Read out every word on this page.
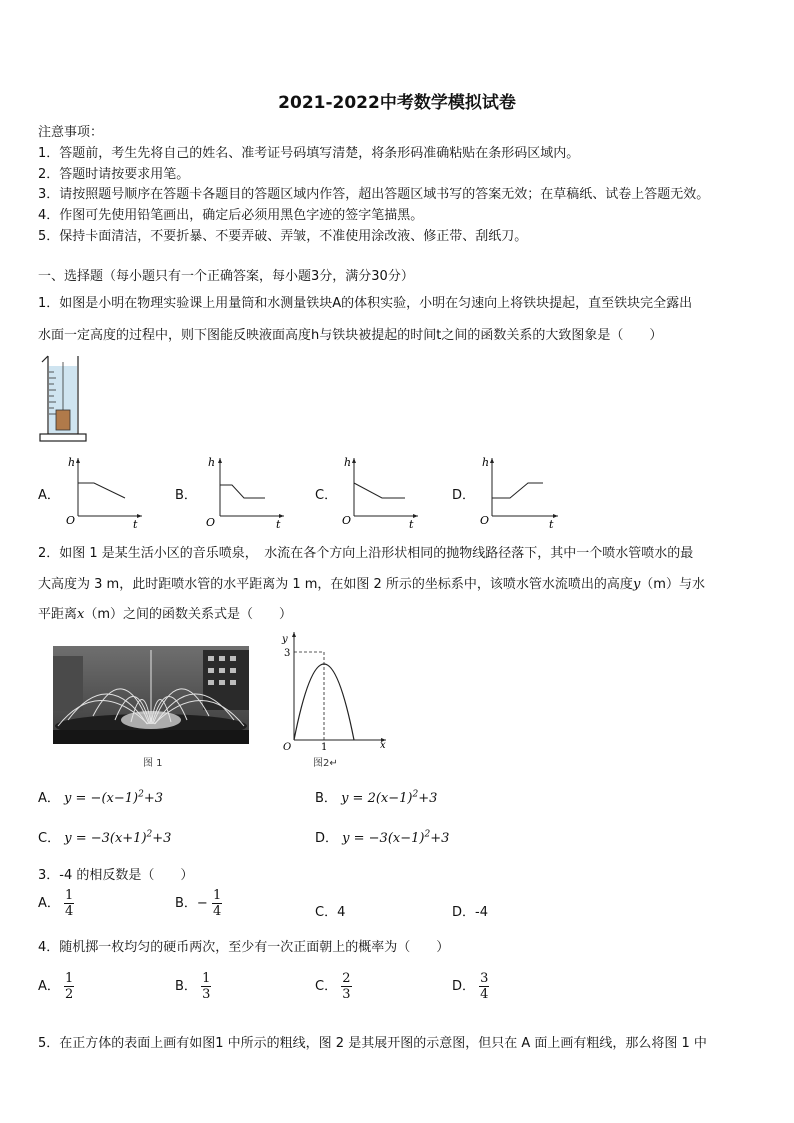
2021-2022中考数学模拟试卷
注意事项：
1．答题前，考生先将自己的姓名、准考证号码填写清楚，将条形码准确粘贴在条形码区域内。
2．答题时请按要求用笔。
3．请按照题号顺序在答题卡各题目的答题区域内作答，超出答题区域书写的答案无效；在草稿纸、试卷上答题无效。
4．作图可先使用铅笔画出，确定后必须用黑色字迹的签字笔描黑。
5．保持卡面清洁，不要折暴、不要弄破、弄皱，不准使用涂改液、修正带、刮纸刀。
一、选择题（每小题只有一个正确答案，每小题3分，满分30分）
1．如图是小明在物理实验课上用量筒和水测量铁块A的体积实验，小明在匀速向上将铁块提起，直至铁块完全露出
水面一定高度的过程中，则下图能反映液面高度h与铁块被提起的时间t之间的函数关系的大致图象是（　　）
A．	B．	C．	D．
h
O	t
h
O	t
h
O	t
h
O	t
2．如图 1 是某生活小区的音乐喷泉，　水流在各个方向上沿形状相同的抛物线路径落下，其中一个喷水管喷水的最
大高度为 3 m，此时距喷水管的水平距离为 1 m，在如图 2 所示的坐标系中，该喷水管水流喷出的高度y（m）与水
平距离x（m）之间的函数关系式是（　　）
图 1
y
3
O	1	x
图2↵
A． $y = -(x-1)^2+3$	B． $y = 2(x-1)^2+3$
C． $y = -3(x+1)^2+3$	D． $y = -3(x-1)^2+3$
3．-4 的相反数是（　　）
A． $\frac{1}{4}$	B．− $\frac{1}{4}$	C．4	D．-4
4．随机掷一枚均匀的硬币两次，至少有一次正面朝上的概率为（　　）
A． $\frac{1}{2}$	B． $\frac{1}{3}$	C． $\frac{2}{3}$	D． $\frac{3}{4}$
5．在正方体的表面上画有如图1 中所示的粗线，图 2 是其展开图的示意图，但只在 A 面上画有粗线，那么将图 1 中
